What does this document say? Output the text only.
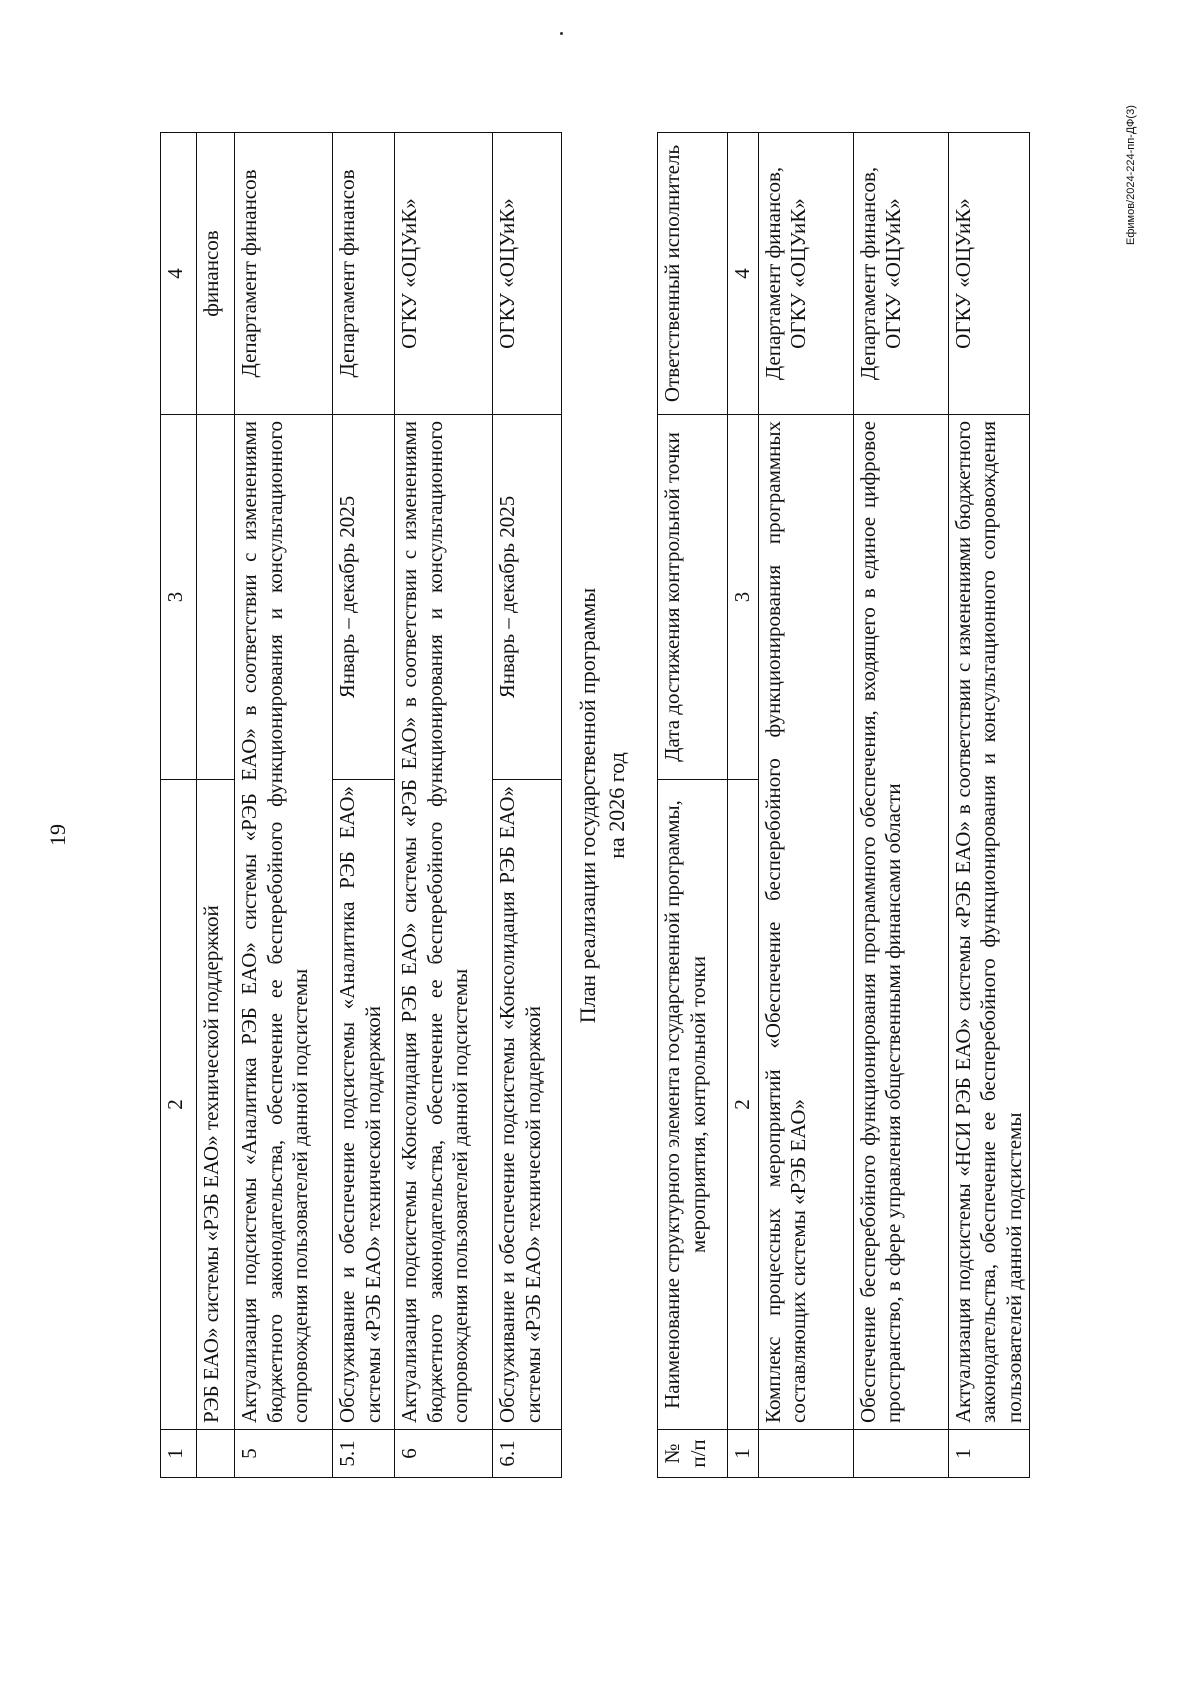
19
Ефимов/2024-224-пп-ДФ(3)
1	2	3	4
	РЭБ ЕАО» системы «РЭБ ЕАО» технической поддержкой		финансов
5	Актуализация подсистемы «Аналитика РЭБ ЕАО» системы «РЭБ ЕАО» в соответствии с изменениями бюджетного законодательства, обеспечение ее бесперебойного функционирования и консультационного сопровождения пользователей данной подсистемы		Департамент финансов
5.1	Обслуживание и обеспечение подсистемы «Аналитика РЭБ ЕАО» системы «РЭБ ЕАО» технической поддержкой	Январь – декабрь 2025	Департамент финансов
6	Актуализация подсистемы «Консолидация РЭБ ЕАО» системы «РЭБ ЕАО» в соответствии с изменениями бюджетного законодательства, обеспечение ее бесперебойного функционирования и консультационного сопровождения пользователей данной подсистемы		ОГКУ «ОЦУиК»
6.1	Обслуживание и обеспечение подсистемы «Консолидация РЭБ ЕАО» системы «РЭБ ЕАО» технической поддержкой	Январь – декабрь 2025	ОГКУ «ОЦУиК»
План реализации государственной программы на 2026 год
№ п/п	Наименование структурного элемента государственной программы, мероприятия, контрольной точки	Дата достижения контрольной точки	Ответственный исполнитель
1	2	3	4
	Комплекс процессных мероприятий «Обеспечение бесперебойного функционирования программных составляющих системы «РЭБ ЕАО»		Департамент финансов, ОГКУ «ОЦУиК»
	Обеспечение бесперебойного функционирования программного обеспечения, входящего в единое цифровое пространство, в сфере управления общественными финансами области		Департамент финансов, ОГКУ «ОЦУиК»
1	Актуализация подсистемы «НСИ РЭБ ЕАО» системы «РЭБ ЕАО» в соответствии с изменениями бюджетного законодательства, обеспечение ее бесперебойного функционирования и консультационного сопровождения пользователей данной подсистемы		ОГКУ «ОЦУиК»
